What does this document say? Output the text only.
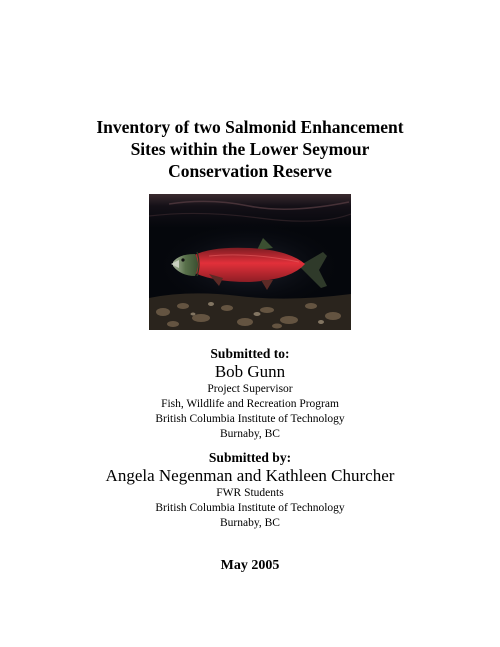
Inventory of two Salmonid Enhancement
Sites within the Lower Seymour
Conservation Reserve
Submitted to:
Bob Gunn
Project Supervisor
Fish, Wildlife and Recreation Program
British Columbia Institute of Technology
Burnaby, BC
Submitted by:
Angela Negenman and Kathleen Churcher
FWR Students
British Columbia Institute of Technology
Burnaby, BC
May 2005
